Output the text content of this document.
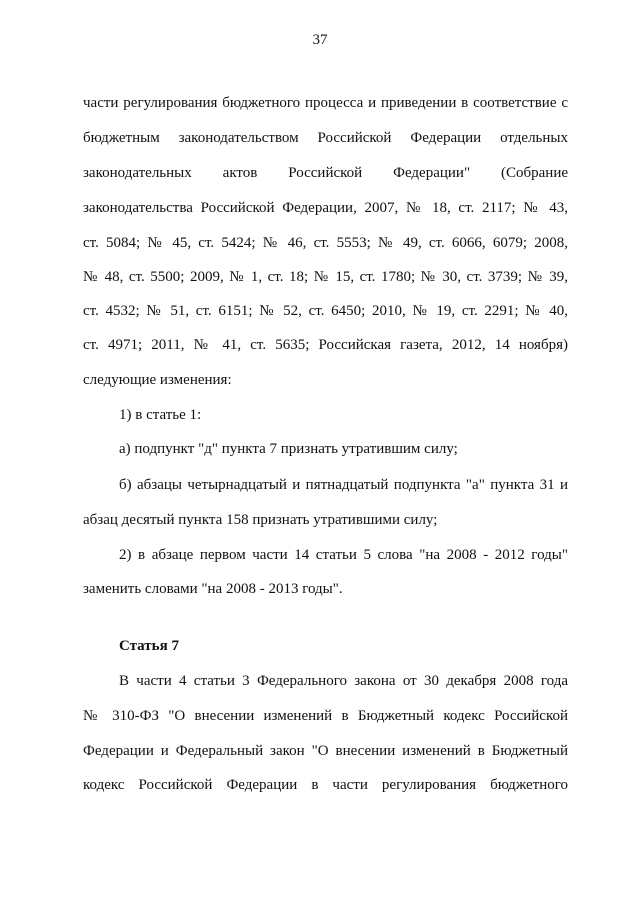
37
части регулирования бюджетного процесса и приведении в соответствие с
бюджетным законодательством Российской Федерации отдельных
законодательных актов Российской Федерации" (Собрание
законодательства Российской Федерации, 2007, № 18, ст. 2117; № 43,
ст. 5084; № 45, ст. 5424; № 46, ст. 5553; № 49, ст. 6066, 6079; 2008,
№ 48, ст. 5500; 2009, № 1, ст. 18; № 15, ст. 1780; № 30, ст. 3739; № 39,
ст. 4532; № 51, ст. 6151; № 52, ст. 6450; 2010, № 19, ст. 2291; № 40,
ст. 4971; 2011, № 41, ст. 5635; Российская газета, 2012, 14 ноября)
следующие изменения:
1) в статье 1:
а) подпункт "д" пункта 7 признать утратившим силу;
б) абзацы четырнадцатый и пятнадцатый подпункта "а" пункта 31 и
абзац десятый пункта 158 признать утратившими силу;
2) в абзаце первом части 14 статьи 5 слова "на 2008 - 2012 годы"
заменить словами "на 2008 - 2013 годы".
Статья 7
В части 4 статьи 3 Федерального закона от 30 декабря 2008 года
№ 310-ФЗ "О внесении изменений в Бюджетный кодекс Российской
Федерации и Федеральный закон "О внесении изменений в Бюджетный
кодекс Российской Федерации в части регулирования бюджетного
